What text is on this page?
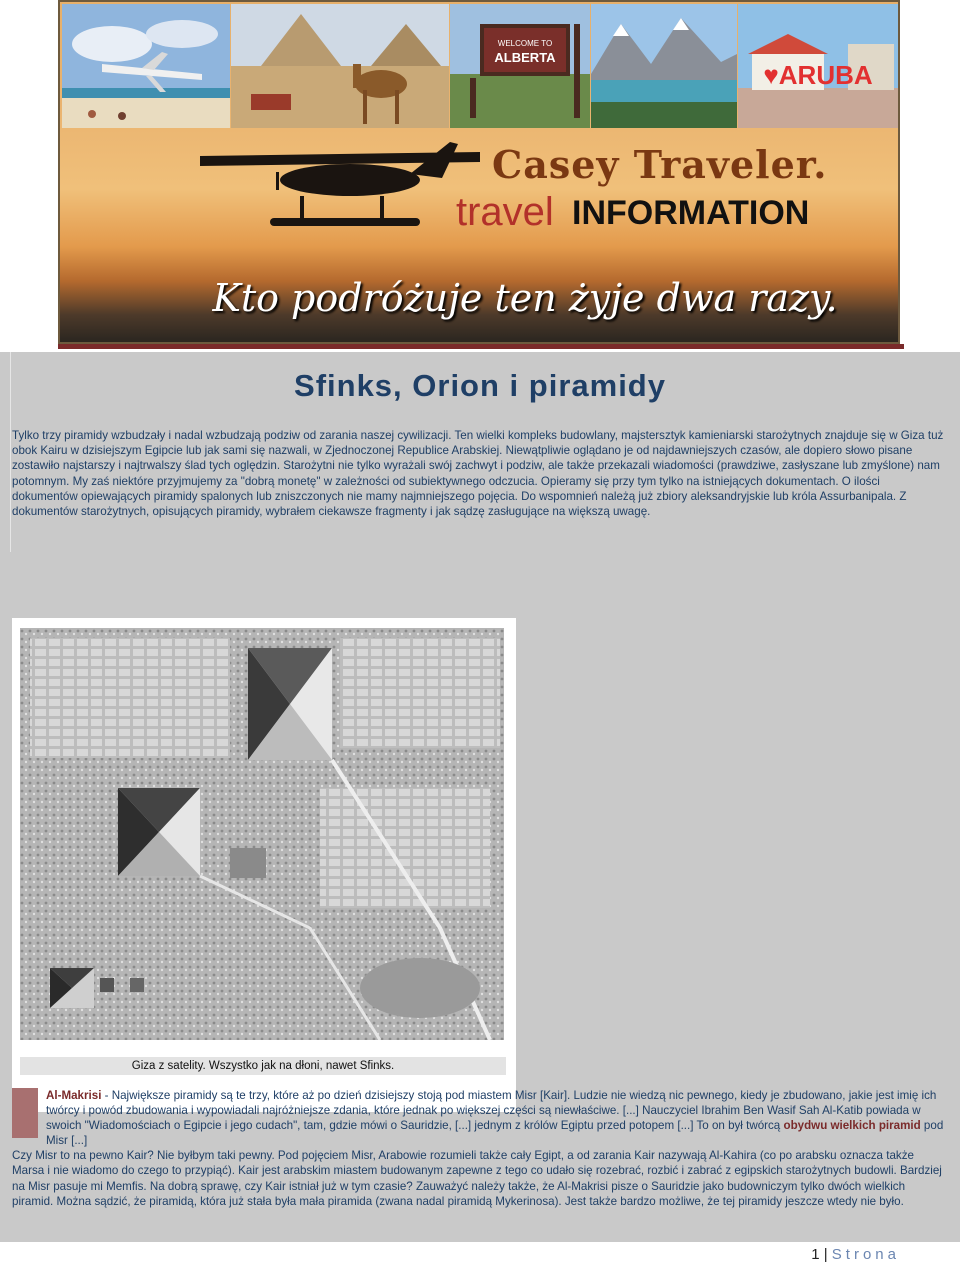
WELCOME TO
ALBERTA
♥ARUBA
Casey Traveler.
travel INFORMATION
Kto podróżuje ten żyje dwa razy.
Sfinks, Orion i piramidy

Tylko trzy piramidy wzbudzały i nadal wzbudzają podziw od zarania naszej cywilizacji. Ten wielki kompleks budowlany, majstersztyk kamieniarski starożytnych znajduje się w Giza tuż obok Kairu w dzisiejszym Egipcie lub jak sami się nazwali, w Zjednoczonej Republice Arabskiej. Niewątpliwie oglądano je od najdawniejszych czasów, ale dopiero słowo pisane zostawiło najstarszy i najtrwalszy ślad tych oględzin. Starożytni nie tylko wyrażali swój zachwyt i podziw, ale także przekazali wiadomości (prawdziwe, zasłyszane lub zmyślone) nam potomnym. My zaś niektóre przyjmujemy za "dobrą monetę" w zależności od subiektywnego odczucia. Opieramy się przy tym tylko na istniejących dokumentach. O ilości dokumentów opiewających piramidy spalonych lub zniszczonych nie mamy najmniejszego pojęcia. Do wspomnień należą już zbiory aleksandryjskie lub króla Assurbanipala. Z dokumentów starożytnych, opisujących piramidy, wybrałem ciekawsze fragmenty i jak sądzę zasługujące na większą uwagę.

Giza z satelity. Wszystko jak na dłoni, nawet Sfinks.

Al-Makrisi - Największe piramidy są te trzy, które aż po dzień dzisiejszy stoją pod miastem Misr [Kair]. Ludzie nie wiedzą nic pewnego, kiedy je zbudowano, jakie jest imię ich twórcy i powód zbudowania i wypowiadali najróżniejsze zdania, które jednak po większej części są niewłaściwe. [...] Nauczyciel Ibrahim Ben Wasif Sah Al-Katib powiada w swoich "Wiadomościach o Egipcie i jego cudach", tam, gdzie mówi o Sauridzie, [...] jednym z królów Egiptu przed potopem [...] To on był twórcą obydwu wielkich piramid pod Misr [...]

Czy Misr to na pewno Kair? Nie byłbym taki pewny. Pod pojęciem Misr, Arabowie rozumieli także cały Egipt, a od zarania Kair nazywają Al-Kahira (co po arabsku oznacza także Marsa i nie wiadomo do czego to przypiąć). Kair jest arabskim miastem budowanym zapewne z tego co udało się rozebrać, rozbić i zabrać z egipskich starożytnych budowli. Bardziej na Misr pasuje mi Memfis. Na dobrą sprawę, czy Kair istniał już w tym czasie? Zauważyć należy także, że Al-Makrisi pisze o Sauridzie jako budowniczym tylko dwóch wielkich piramid. Można sądzić, że piramidą, która już stała była mała piramida (zwana nadal piramidą Mykerinosa). Jest także bardzo możliwe, że tej piramidy jeszcze wtedy nie było.

1 | Strona
